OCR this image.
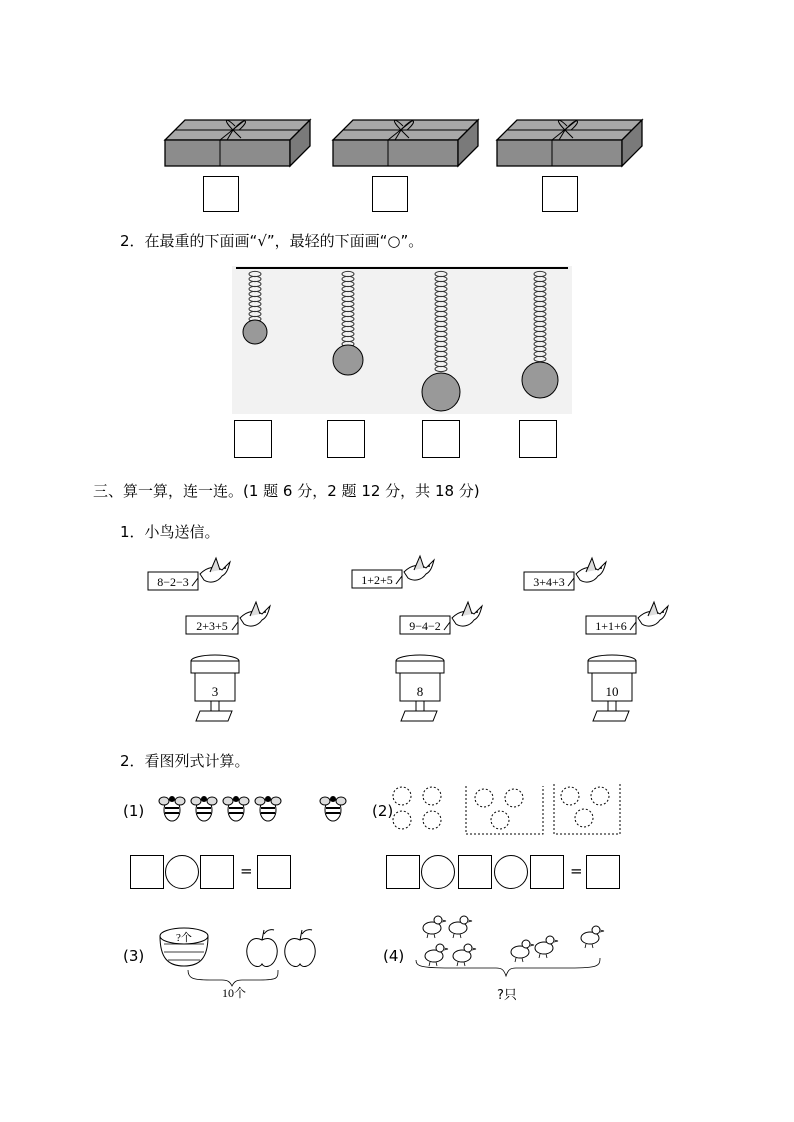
2．在最重的下面画“√”，最轻的下面画“○”。
三、算一算，连一连。(1 题 6 分，2 题 12 分，共 18 分)
1．小鸟送信。
8−2−3
2+3+5
1+2+5
9−4−2
3+4+3
1+1+6
3	8	10
2．看图列式计算。
(1)	(2)
=	=
(3)
?个
10个
(4)
?只
